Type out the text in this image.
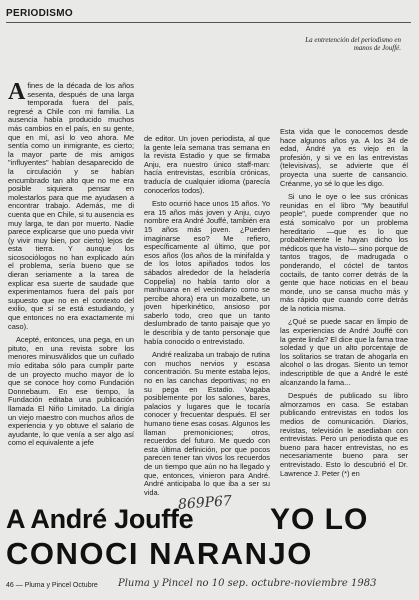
PERIODISMO
La entretención del periodismo en manos de Jouffé.

A fines de la década de los años sesenta, después de una larga temporada fuera del país, regresé a Chile con mi familia. La ausencia había producido muchos más cambios en el país, en su gente, que en mí, así lo veo ahora. Me sentía como un inmigrante, es cierto; la mayor parte de mis amigos "influyentes" habían desaparecido de la circulación y se habían encumbrado tan alto que no me era posible siquiera pensar en molestarlos para que me ayudasen a encontrar trabajo. Además, me di cuenta que en Chile, si tu ausencia es muy larga, te dan por muerto. Nadie parece explicarse que uno pueda vivir (y vivir muy bien, por cierto) lejos de esta tierra. Y aunque los sicosociólogos no han explicado aún el problema, sería bueno que se dieran seriamente a la tarea de explicar esa suerte de saudade que experimentamos fuera del país por supuesto que no en el contexto del exilio, que sí se está estudiando, y que entonces no era exactamente mi caso).

Acepté, entonces, una pega, en un pituto, en una revista sobre los menores minusválidos que un cuñado mío editaba sólo para cumplir parte de un proyecto mucho mayor de lo que se conoce hoy como Fundación Donnebaum. En ese tiempo, la Fundación editaba una publicación llamada El Niño Limitado. La dirigía un viejo maestro con muchos años de experiencia y yo obtuve el salario de ayudante, lo que venía a ser algo así como el equivalente a jefe

de editor. Un joven periodista, al que la gente leía semana tras semana en la revista Estadio y que se firmaba Anju, era nuestro único staff-man: hacía entrevistas, escribía crónicas, traducía de cualquier idioma (parecía conocerlos todos).

Esto ocurrió hace unos 15 años. Yo era 15 años más joven y Anju, cuyo nombre era André Jouffé, también era 15 años más joven. ¿Pueden imaginarse eso? Me refiero, específicamente al último, que por esos años (los años de la minifalda y de los lotos apiñados todos los sábados alrededor de la heladería Coppelia) no había tanto olor a marihuana en el vecindario como se percibe ahora) era un mozalbete, un joven hiperkinético, ansioso por saberlo todo, creo que un tanto deslumbrado de tanto paisaje que yo le describía y de tanto personaje que había conocido o entrevistado.

André realizaba un trabajo de rutina con muchos nervios y escasa concentración. Su mente estaba lejos, no en las canchas deportivas; no en su pega en Estadio. Vagaba posiblemente por los salones, bares, palacios y lugares que le tocaría conocer y frecuentar después. El ser humano tiene esas cosas. Algunos les llaman premoniciones; otros, recuerdos del futuro. Me quedo con esta última definición, por que pocos parecen tener tan vivos los recuerdos de un tiempo que aún no ha llegado y que, entonces, vinieron para André. André anticipaba lo que iba a ser su vida.

Esta vida que le conocemos desde hace algunos años ya. A los 34 de edad, André ya es viejo en la profesión, y si ve en las entrevistas (televisivas), se advierte que él proyecta una suerte de cansancio. Créanme, yo sé lo que les digo.

Si uno le oye o lee sus crónicas reunidas en el libro "My beautiful people", puede comprender que no está somicalvo por un problema hereditario —que es lo que probablemente le hayan dicho los médicos que ha visto— sino porque de tantos tragos, de madrugada o ponderando, el cóctel de tantos coctails, de tanto correr detrás de la gente que hace noticias en el beau monde, uno se cansa mucho más y más rápido que cuando corre detrás de la noticia misma.

¿Qué se puede sacar en limpio de las experiencias de André Jouffé con la gente linda? El dice que la fama trae soledad y que un alto porcentaje de los solitarios se tratan de ahogarla en alcohol o las drogas. Siento un temor indescriptible de que a André le esté alcanzando la fama...

Después de publicado su libro almorzamos en casa. Se estaban publicando entrevistas en todos los medios de comunicación. Diarios, revistas, televisión le asediaban con entrevistas. Pero un periodista que es bueno para hacer entrevistas, no es necesariamente bueno para ser entrevistado. Esto lo descubrió el Dr. Lawrence J. Peter (*) en

869P67
A André Jouffe	YO LO
CONOCI NARANJO
46 — Pluma y Pincel Octubre Pluma y Pincel no 10 sep. octubre-noviembre 1983
